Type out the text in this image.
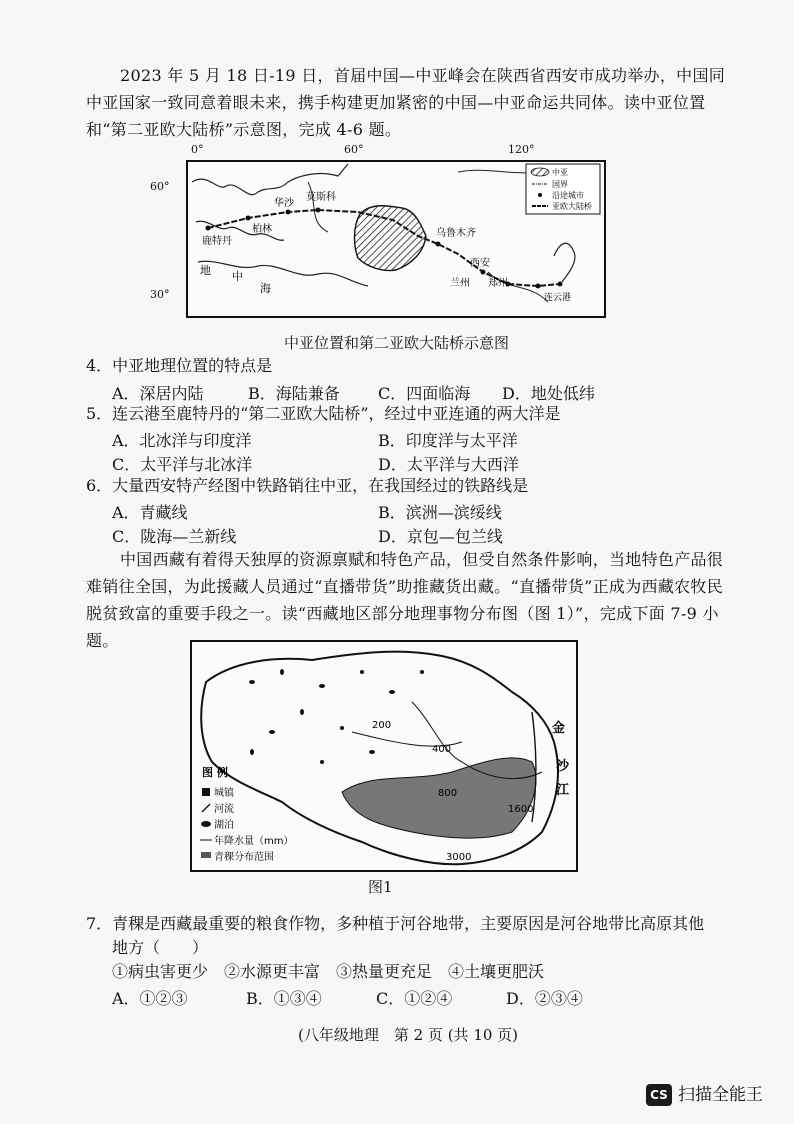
2023 年 5 月 18 日-19 日，首届中国—中亚峰会在陕西省西安市成功举办，中国同中亚国家一致同意着眼未来，携手构建更加紧密的中国—中亚命运共同体。读中亚位置和“第二亚欧大陆桥”示意图，完成 4-6 题。
鹿特丹
柏林
华沙
莫斯科
乌鲁木齐
西安
兰州 郑州
连云港
地 中
海
中亚
国界
沿途城市
亚欧大陆桥
0°	60°	120°
60°
30°
中亚位置和第二亚欧大陆桥示意图
4．中亚地理位置的特点是
A．深居内陆	B．海陆兼备 C．四面临海 D．地处低纬
5．连云港至鹿特丹的“第二亚欧大陆桥”，经过中亚连通的两大洋是
A．北冰洋与印度洋	B．印度洋与太平洋
C．太平洋与北冰洋	D．太平洋与大西洋
6．大量西安特产经图中铁路销往中亚，在我国经过的铁路线是
A．青藏线	B．滨洲—滨绥线
C．陇海—兰新线	D．京包—包兰线
中国西藏有着得天独厚的资源禀赋和特色产品，但受自然条件影响，当地特色产品很难销往全国，为此援藏人员通过“直播带货”助推藏货出藏。“直播带货”正成为西藏农牧民脱贫致富的重要手段之一。读“西藏地区部分地理事物分布图（图 1）”，完成下面 7-9 小题。
200
400
800
1600
3000
金
沙
江
图 例
城镇
河流
湖泊
年降水量（mm）
青稞分布范围
图1
7．青稞是西藏最重要的粮食作物，多种植于河谷地带，主要原因是河谷地带比高原其他
地方（　　）
①病虫害更少　②水源更丰富　③热量更充足　④土壤更肥沃
A．①②③	B．①③④	C．①②④	D．②③④
(八年级地理　第 2 页 (共 10 页)
CS 扫描全能王
